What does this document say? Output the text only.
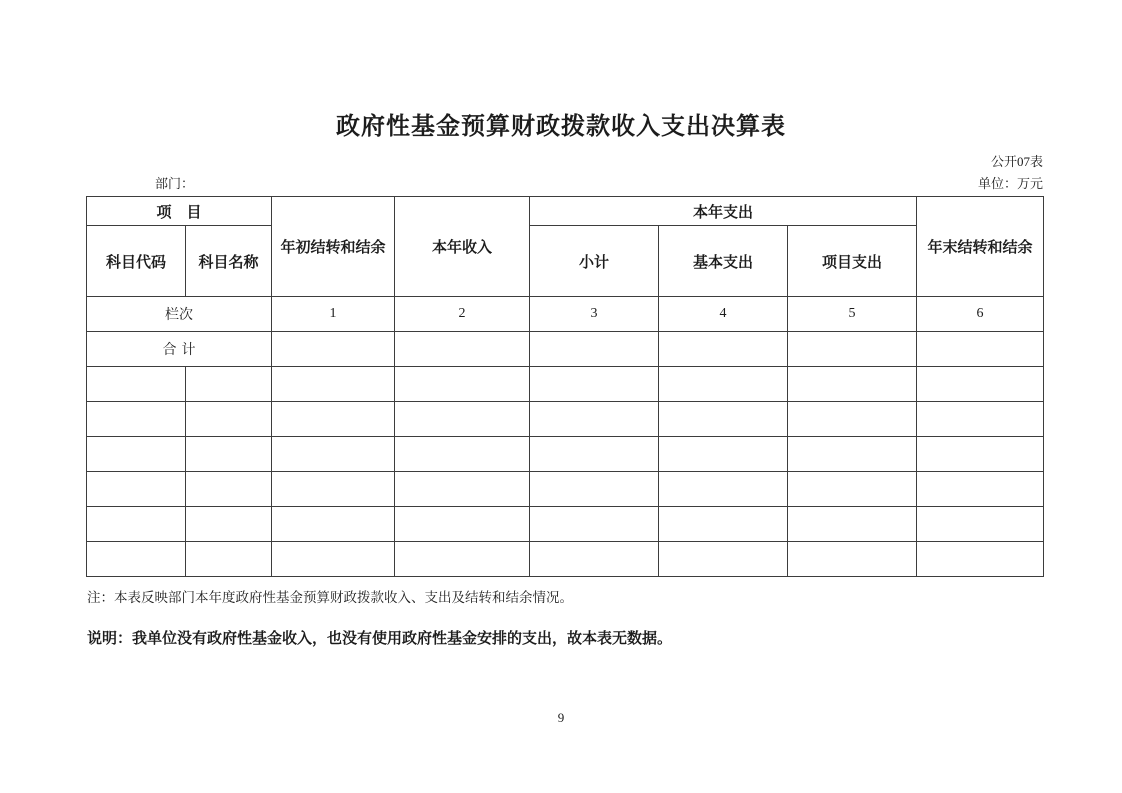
政府性基金预算财政拨款收入支出决算表
公开07表
部门：	单位：万元
项　目		年初结转和结余	本年收入	本年支出			年末结转和结余
科目代码	科目名称			小计	基本支出	项目支出	
栏次		1	2	3	4	5	6
合计							

注：本表反映部门本年度政府性基金预算财政拨款收入、支出及结转和结余情况。

说明：我单位没有政府性基金收入，也没有使用政府性基金安排的支出，故本表无数据。

9
